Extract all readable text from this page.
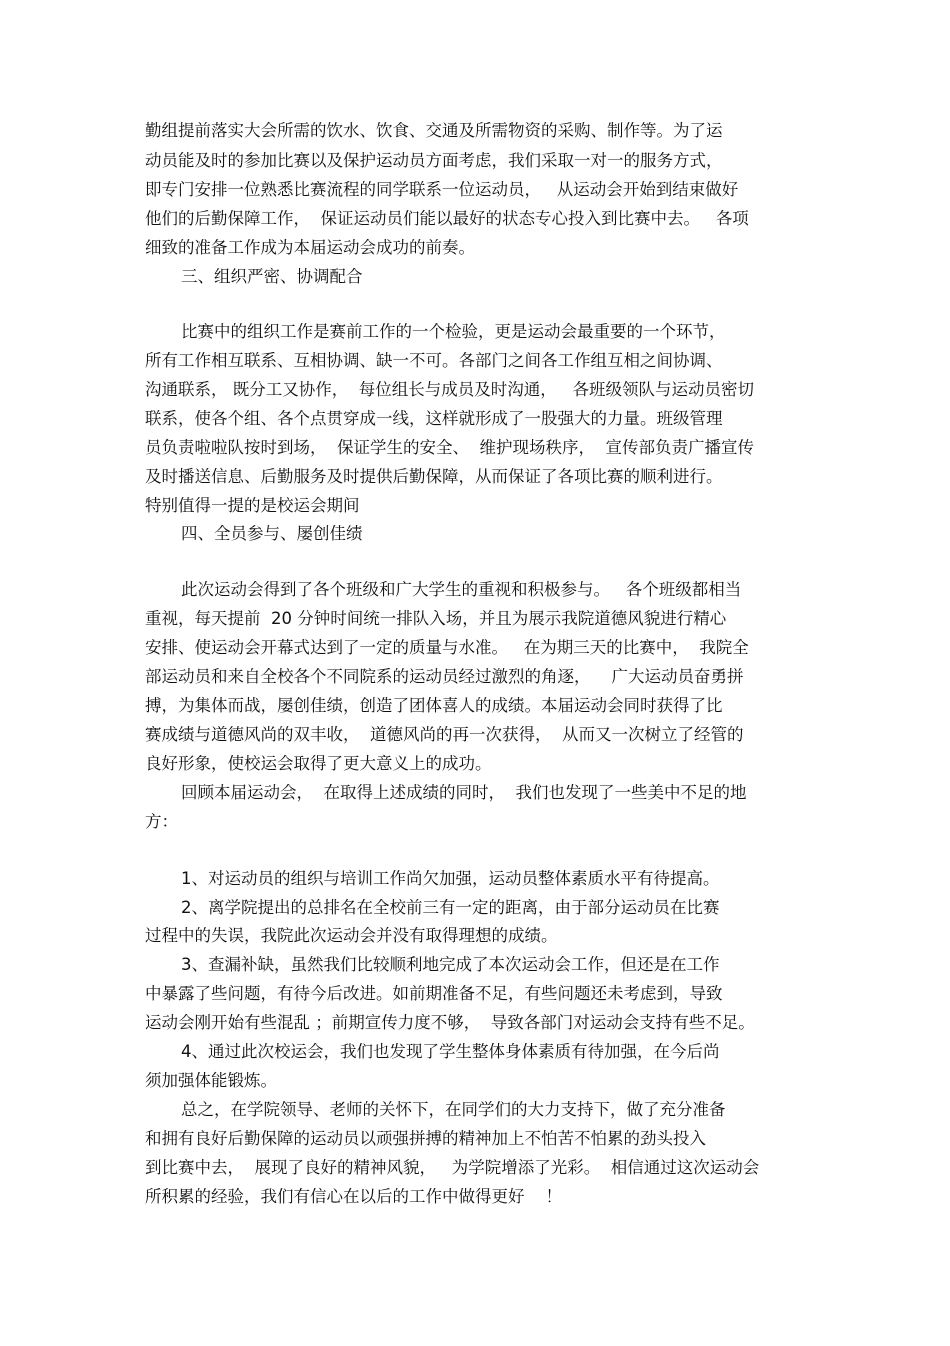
勤组提前落实大会所需的饮水、饮食、交通及所需物资的采购、制作等。为了运
动员能及时的参加比赛以及保护运动员方面考虑，我们采取一对一的服务方式，
即专门安排一位熟悉比赛流程的同学联系一位运动员，   从运动会开始到结束做好
他们的后勤保障工作，  保证运动员们能以最好的状态专心投入到比赛中去。   各项
细致的准备工作成为本届运动会成功的前奏。
三、组织严密、协调配合
比赛中的组织工作是赛前工作的一个检验，更是运动会最重要的一个环节，
所有工作相互联系、互相协调、缺一不可。各部门之间各工作组互相之间协调、
沟通联系， 既分工又协作，  每位组长与成员及时沟通，   各班级领队与运动员密切
联系，使各个组、各个点贯穿成一线，这样就形成了一股强大的力量。班级管理
员负责啦啦队按时到场，  保证学生的安全、  维护现场秩序，  宣传部负责广播宣传
及时播送信息、后勤服务及时提供后勤保障，从而保证了各项比赛的顺利进行。
特别值得一提的是校运会期间
四、全员参与、屡创佳绩
此次运动会得到了各个班级和广大学生的重视和积极参与。   各个班级都相当
重视，每天提前  20 分钟时间统一排队入场，并且为展示我院道德风貌进行精心
安排、使运动会开幕式达到了一定的质量与水准。   在为期三天的比赛中，  我院全
部运动员和来自全校各个不同院系的运动员经过激烈的角逐，    广大运动员奋勇拼
搏，为集体而战，屡创佳绩，创造了团体喜人的成绩。本届运动会同时获得了比
赛成绩与道德风尚的双丰收，  道德风尚的再一次获得，  从而又一次树立了经管的
良好形象，使校运会取得了更大意义上的成功。
回顾本届运动会，  在取得上述成绩的同时，  我们也发现了一些美中不足的地
方：
1、对运动员的组织与培训工作尚欠加强，运动员整体素质水平有待提高。
2、离学院提出的总排名在全校前三有一定的距离，由于部分运动员在比赛
过程中的失误，我院此次运动会并没有取得理想的成绩。
3、查漏补缺，虽然我们比较顺利地完成了本次运动会工作，但还是在工作
中暴露了些问题，有待今后改进。如前期准备不足，有些问题还未考虑到，导致
运动会刚开始有些混乱 ；前期宣传力度不够，  导致各部门对运动会支持有些不足。
4、通过此次校运会，我们也发现了学生整体身体素质有待加强，在今后尚
须加强体能锻炼。
总之，在学院领导、老师的关怀下，在同学们的大力支持下，做了充分准备
和拥有良好后勤保障的运动员以顽强拼搏的精神加上不怕苦不怕累的劲头投入
到比赛中去，  展现了良好的精神风貌，   为学院增添了光彩。  相信通过这次运动会
所积累的经验，我们有信心在以后的工作中做得更好    ！
